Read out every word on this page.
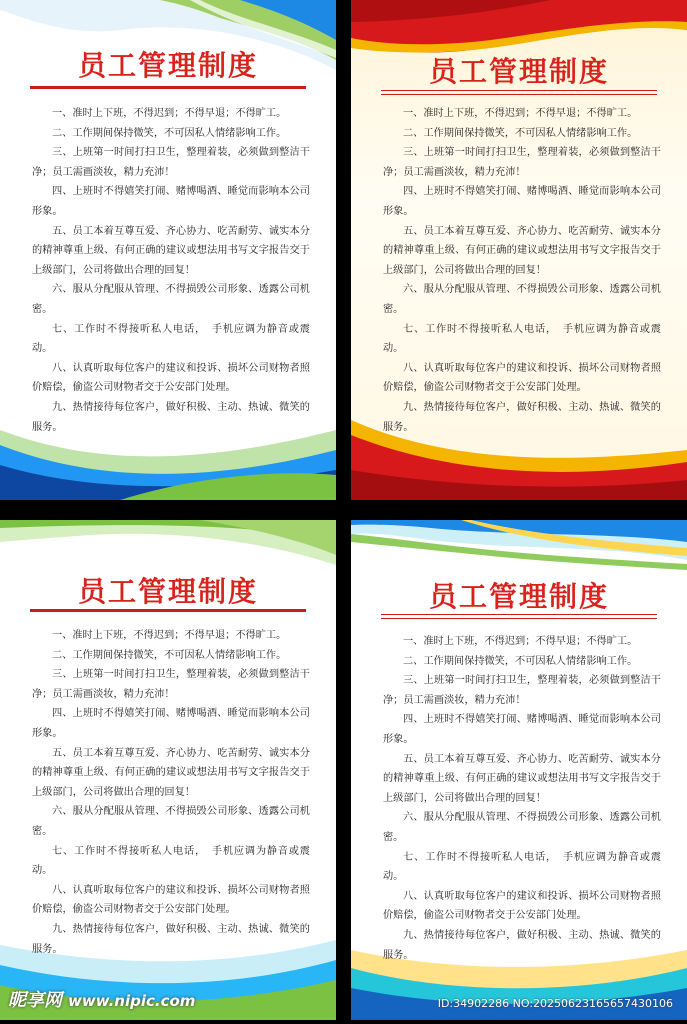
员工管理制度
一、准时上下班，不得迟到；不得早退；不得旷工。
二、工作期间保持微笑，不可因私人情绪影响工作。
三、上班第一时间打扫卫生，整理着装，必须做到整洁干净；员工需画淡妆，精力充沛！
四、上班时不得嬉笑打闹、赌博喝酒、睡觉而影响本公司形象。
五、员工本着互尊互爱、齐心协力、吃苦耐劳、诚实本分的精神尊重上级、有何正确的建议或想法用书写文字报告交于上级部门，公司将做出合理的回复！
六、服从分配服从管理、不得损毁公司形象、透露公司机密。
七、工作时不得接听私人电话，　手机应调为静音或震动。
八、认真听取每位客户的建议和投诉、损坏公司财物者照价赔偿，偷盗公司财物者交于公安部门处理。
九、热情接待每位客户，做好积极、主动、热诚、微笑的服务。
员工管理制度
一、准时上下班，不得迟到；不得早退；不得旷工。
二、工作期间保持微笑，不可因私人情绪影响工作。
三、上班第一时间打扫卫生，整理着装，必须做到整洁干净；员工需画淡妆，精力充沛！
四、上班时不得嬉笑打闹、赌博喝酒、睡觉而影响本公司形象。
五、员工本着互尊互爱、齐心协力、吃苦耐劳、诚实本分的精神尊重上级、有何正确的建议或想法用书写文字报告交于上级部门，公司将做出合理的回复！
六、服从分配服从管理、不得损毁公司形象、透露公司机密。
七、工作时不得接听私人电话，　手机应调为静音或震动。
八、认真听取每位客户的建议和投诉、损坏公司财物者照价赔偿，偷盗公司财物者交于公安部门处理。
九、热情接待每位客户，做好积极、主动、热诚、微笑的服务。
员工管理制度
一、准时上下班，不得迟到；不得早退；不得旷工。
二、工作期间保持微笑，不可因私人情绪影响工作。
三、上班第一时间打扫卫生，整理着装，必须做到整洁干净；员工需画淡妆，精力充沛！
四、上班时不得嬉笑打闹、赌博喝酒、睡觉而影响本公司形象。
五、员工本着互尊互爱、齐心协力、吃苦耐劳、诚实本分的精神尊重上级、有何正确的建议或想法用书写文字报告交于上级部门，公司将做出合理的回复！
六、服从分配服从管理、不得损毁公司形象、透露公司机密。
七、工作时不得接听私人电话，　手机应调为静音或震动。
八、认真听取每位客户的建议和投诉、损坏公司财物者照价赔偿，偷盗公司财物者交于公安部门处理。
九、热情接待每位客户，做好积极、主动、热诚、微笑的服务。
昵享网 www.nipic.com
员工管理制度
一、准时上下班，不得迟到；不得早退；不得旷工。
二、工作期间保持微笑，不可因私人情绪影响工作。
三、上班第一时间打扫卫生，整理着装，必须做到整洁干净；员工需画淡妆，精力充沛！
四、上班时不得嬉笑打闹、赌博喝酒、睡觉而影响本公司形象。
五、员工本着互尊互爱、齐心协力、吃苦耐劳、诚实本分的精神尊重上级、有何正确的建议或想法用书写文字报告交于上级部门，公司将做出合理的回复！
六、服从分配服从管理、不得损毁公司形象、透露公司机密。
七、工作时不得接听私人电话，　手机应调为静音或震动。
八、认真听取每位客户的建议和投诉、损坏公司财物者照价赔偿，偷盗公司财物者交于公安部门处理。
九、热情接待每位客户，做好积极、主动、热诚、微笑的服务。
ID:34902286 NO:20250623165657430106
